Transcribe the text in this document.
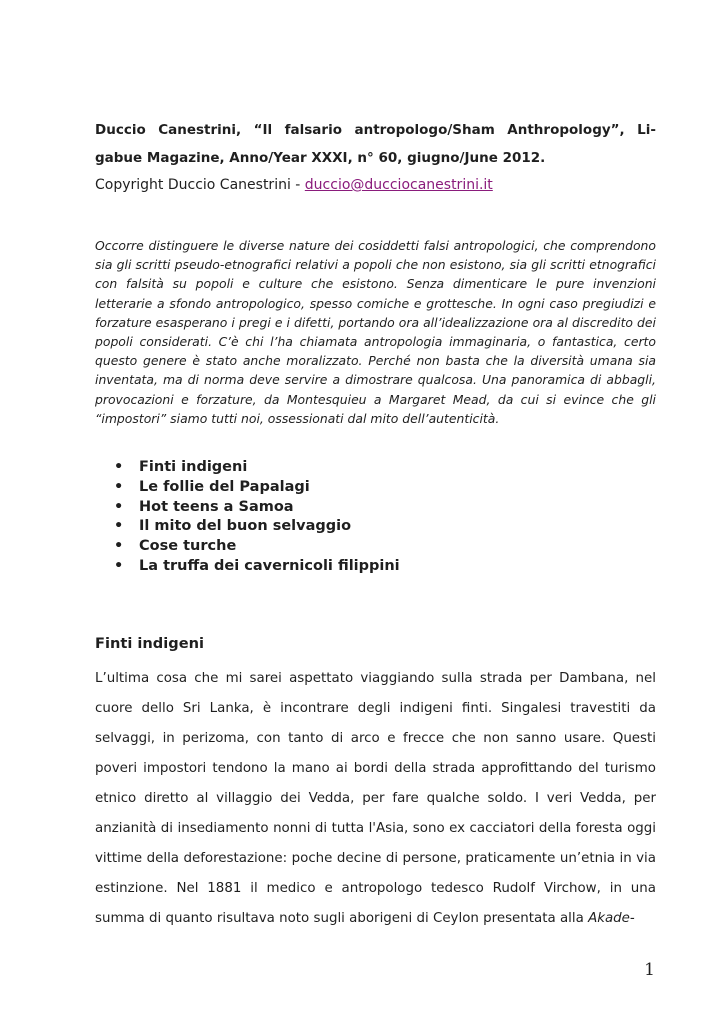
Duccio Canestrini, “Il falsario antropologo/Sham Anthropology”, Li-
gabue Magazine, Anno/Year XXXI, n° 60, giugno/June 2012.
Copyright Duccio Canestrini - duccio@ducciocanestrini.it

Occorre distinguere le diverse nature dei cosiddetti falsi antropologici, che comprendono sia gli scritti pseudo-etnografici relativi a popoli che non esistono, sia gli scritti etnografici con falsità su popoli e culture che esistono. Senza dimenticare le pure invenzioni letterarie a sfondo antropologico, spesso comiche e grottesche. In ogni caso pregiudizi e forzature esasperano i pregi e i difetti, portando ora all’idealizzazione ora al discredito dei popoli considerati. C’è chi l’ha chiamata antropologia immaginaria, o fantastica, certo questo genere è stato anche moralizzato. Perché non basta che la diversità umana sia inventata, ma di norma deve servire a dimostrare qualcosa. Una panoramica di abbagli, provocazioni e forzature, da Montesquieu a Margaret Mead, da cui si evince che gli “impostori” siamo tutti noi, ossessionati dal mito dell’autenticità.

• Finti indigeni
• Le follie del Papalagi
• Hot teens a Samoa
• Il mito del buon selvaggio
• Cose turche
• La truffa dei cavernicoli filippini
Finti indigeni

L’ultima cosa che mi sarei aspettato viaggiando sulla strada per Dambana, nel cuore dello Sri Lanka, è incontrare degli indigeni finti. Singalesi travestiti da selvaggi, in perizoma, con tanto di arco e frecce che non sanno usare. Questi poveri impostori tendono la mano ai bordi della strada approfittando del turismo etnico diretto al villaggio dei Vedda, per fare qualche soldo. I veri Vedda, per anzianità di insediamento nonni di tutta l'Asia, sono ex cacciatori della foresta oggi vittime della deforestazione: poche decine di persone, praticamente un’etnia in via estinzione. Nel 1881 il medico e antropologo tedesco Rudolf Virchow, in una summa di quanto risultava noto sugli aborigeni di Ceylon presentata alla Akade-

1
